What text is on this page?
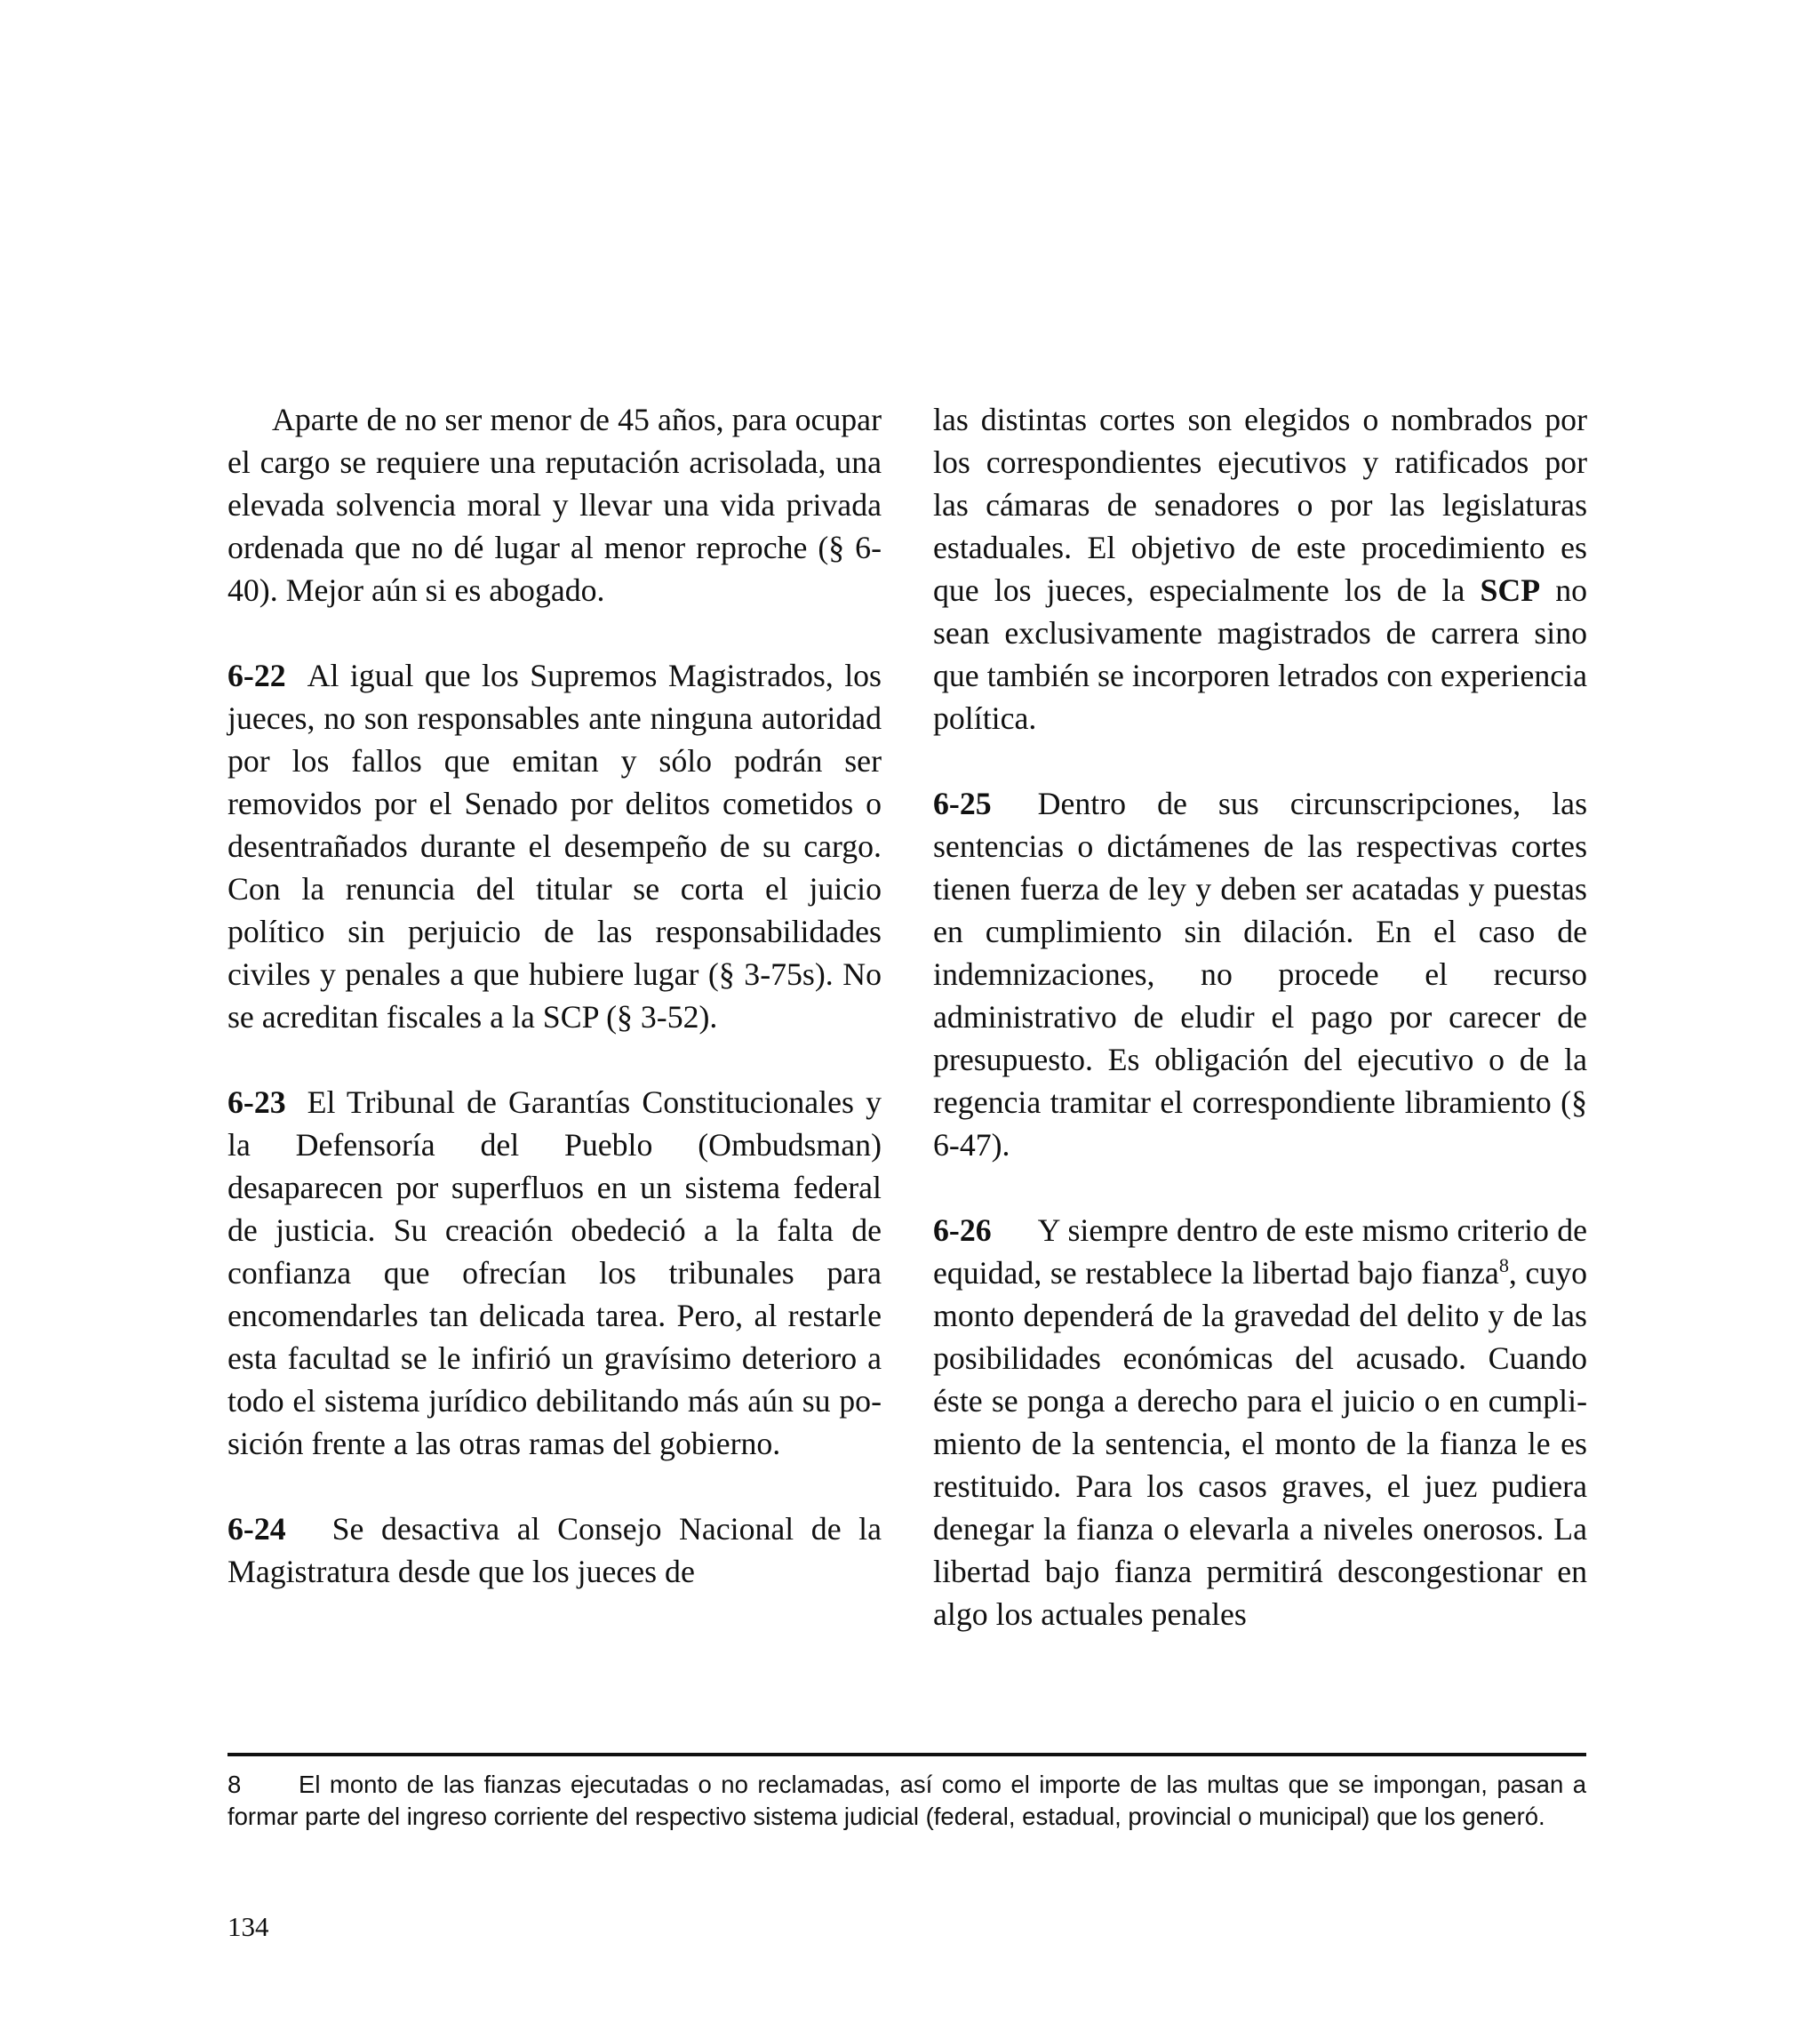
Aparte de no ser menor de 45 años, para ocupar el cargo se requiere una reputación acrisolada, una elevada solvencia moral y llevar una vida privada ordenada que no dé lugar al menor reproche (§ 6-40). Mejor aún si es abogado.

6-22 Al igual que los Supremos Magistrados, los jueces, no son responsables ante ninguna autoridad por los fallos que emitan y sólo podrán ser removidos por el Senado por delitos cometidos o desentrañados durante el desempeño de su cargo. Con la renuncia del titular se corta el juicio político sin perjuicio de las responsabilidades civiles y penales a que hubiere lugar (§ 3-75s). No se acreditan fiscales a la SCP (§ 3-52).

6-23 El Tribunal de Garantías Constitucionales y la Defensoría del Pueblo (Ombudsman) desaparecen por superfluos en un sistema federal de justicia. Su creación obedeció a la falta de confianza que ofrecían los tribunales para encomendarles tan delicada tarea. Pero, al restarle esta facultad se le infirió un gravísimo deterioro a todo el sistema jurídico debilitando más aún su posición frente a las otras ramas del gobierno.

6-24 Se desactiva al Consejo Nacional de la Magistratura desde que los jueces de

las distintas cortes son elegidos o nombrados por los correspondientes ejecutivos y ratificados por las cámaras de senadores o por las legislaturas estaduales. El objetivo de este procedimiento es que los jueces, especialmente los de la SCP no sean exclusivamente magistrados de carrera sino que también se incorporen letrados con experiencia política.

6-25 Dentro de sus circunscripciones, las sentencias o dictámenes de las respectivas cortes tienen fuerza de ley y deben ser acatadas y puestas en cumplimiento sin dilación. En el caso de indemnizaciones, no procede el recurso administrativo de eludir el pago por carecer de presupuesto. Es obligación del ejecutivo o de la regencia tramitar el correspondiente libramiento (§ 6-47).

6-26 Y siempre dentro de este mismo criterio de equidad, se restablece la libertad bajo fianza$^8$, cuyo monto dependerá de la gravedad del delito y de las posibilidades económicas del acusado. Cuando éste se ponga a derecho para el juicio o en cumplimiento de la sentencia, el monto de la fianza le es restituido. Para los casos graves, el juez pudiera denegar la fianza o elevarla a niveles onerosos. La libertad bajo fianza permitirá descongestionar en algo los actuales penales

8 El monto de las fianzas ejecutadas o no reclamadas, así como el importe de las multas que se impongan, pasan a formar parte del ingreso corriente del respectivo sistema judicial (federal, estadual, provincial o municipal) que los generó.

134
